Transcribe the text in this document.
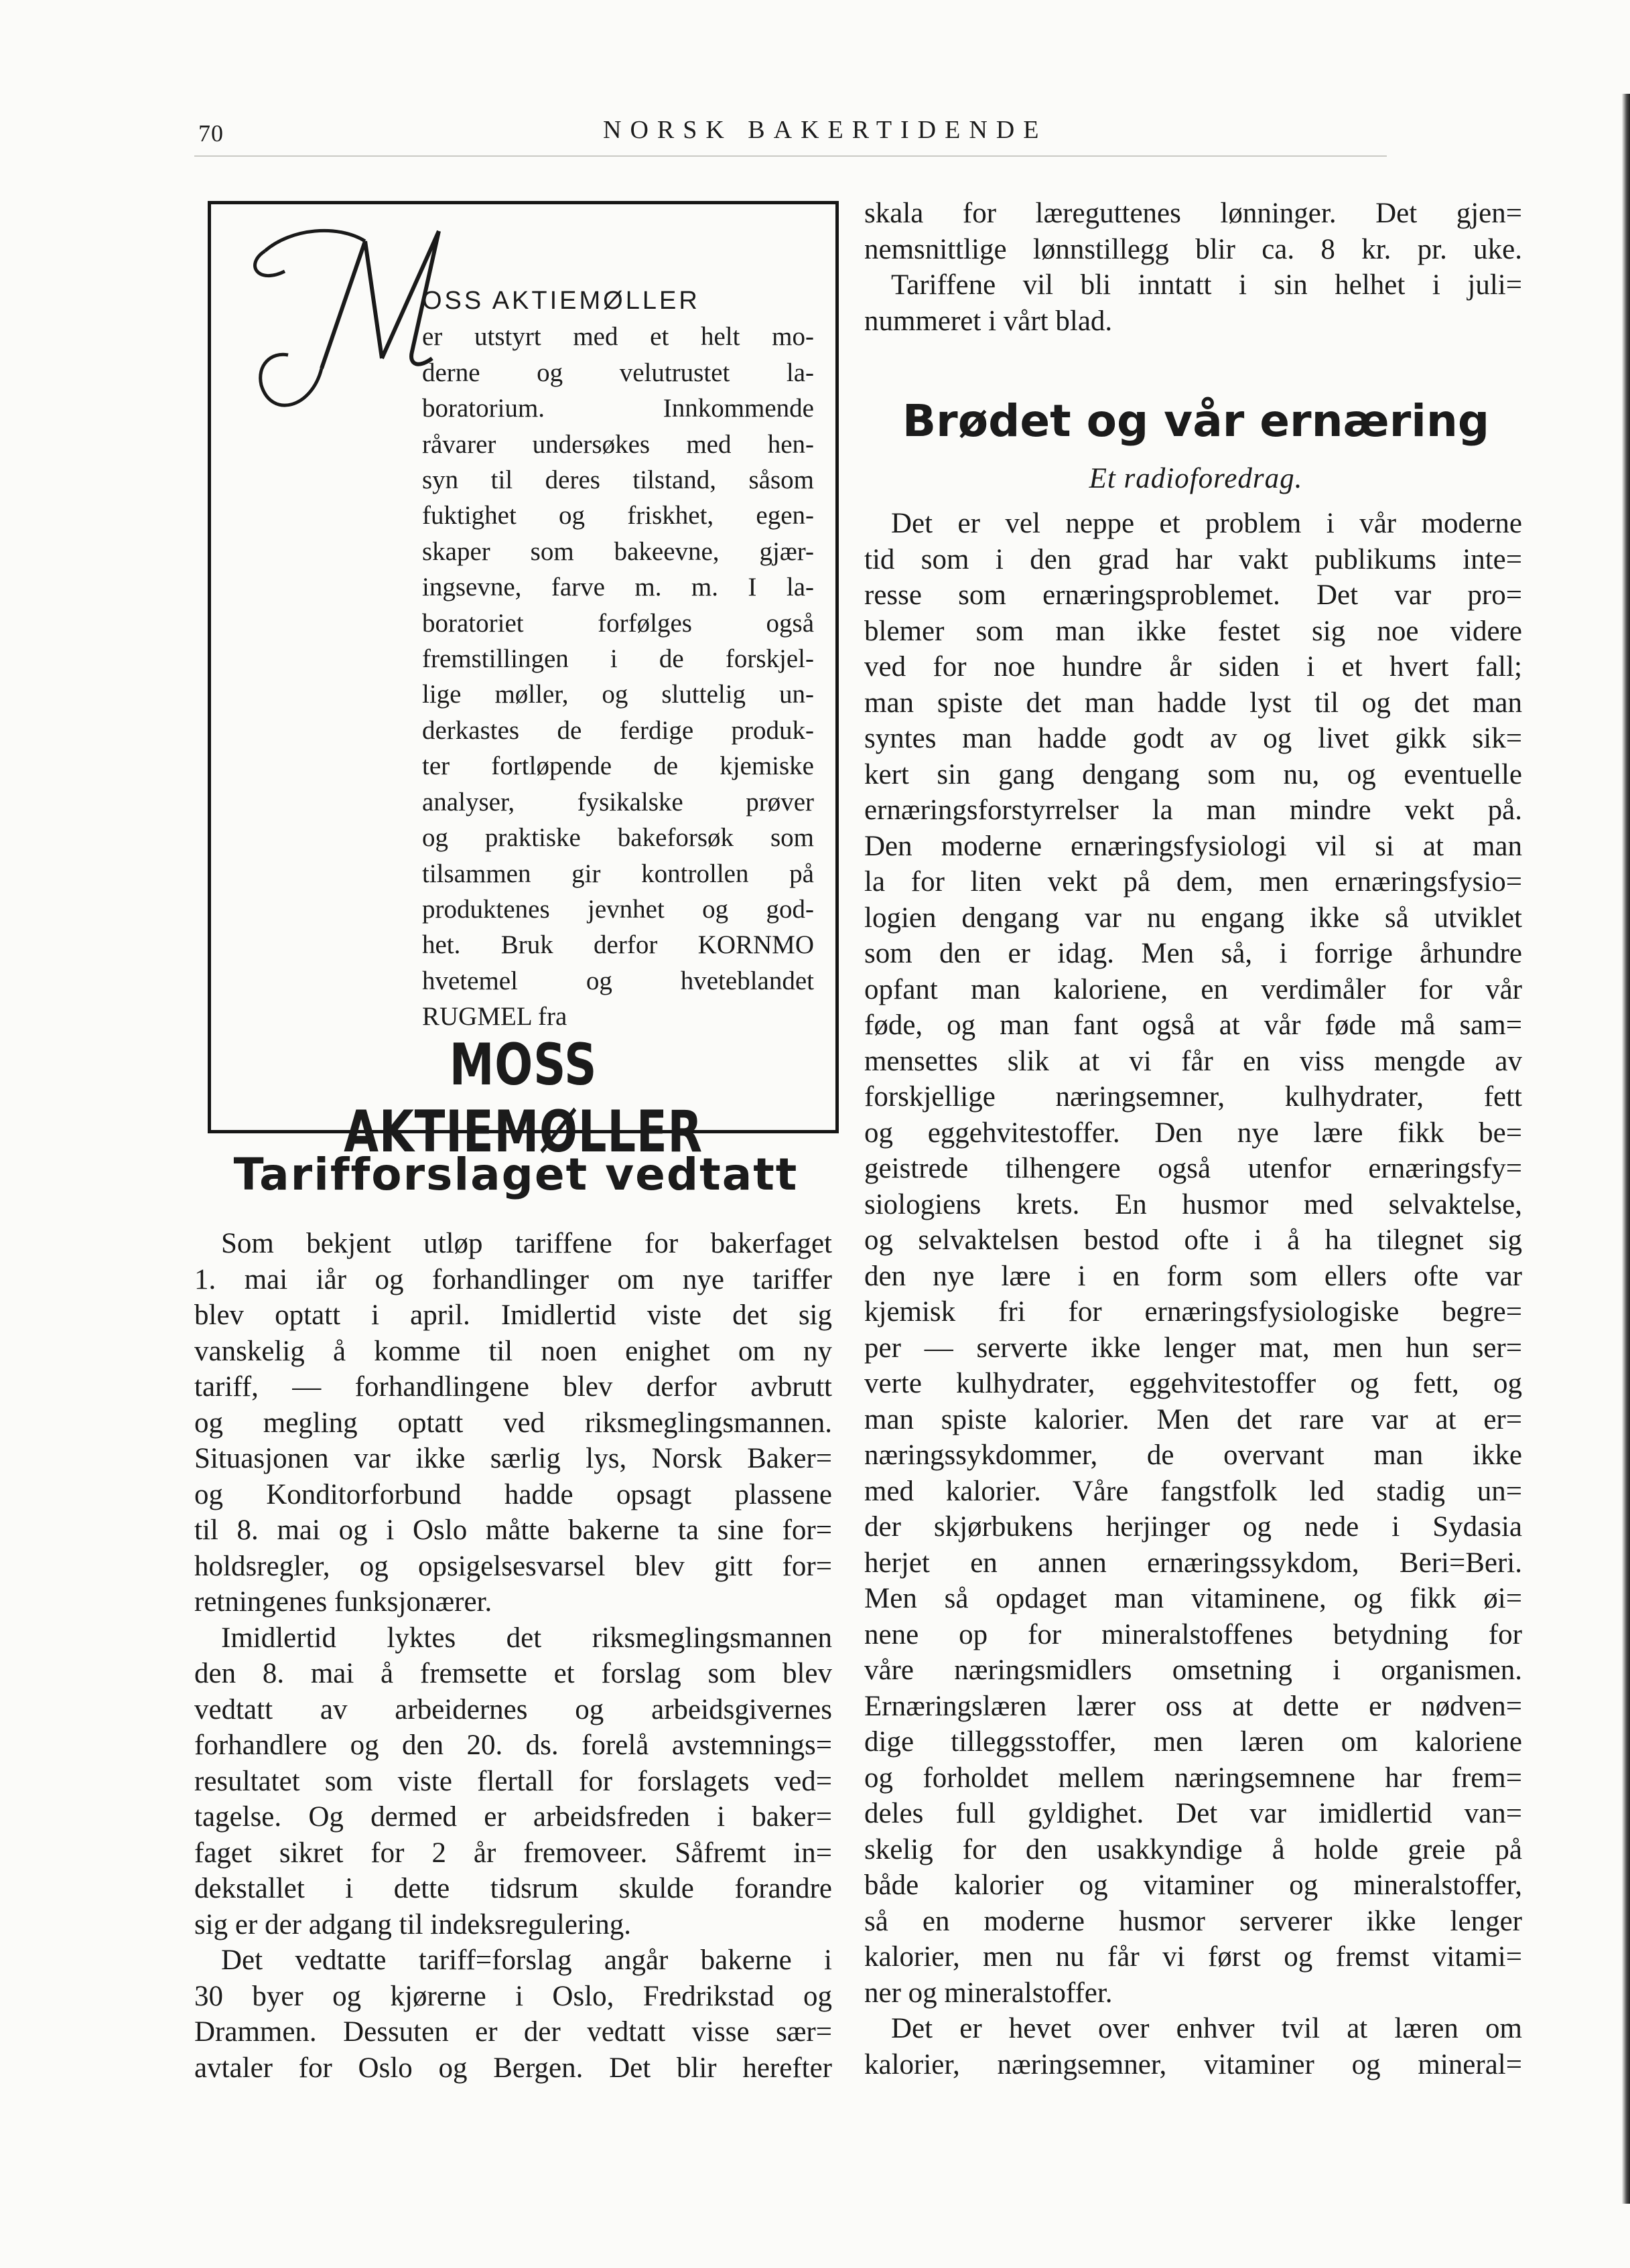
70	NORSK BAKERTIDENDE
OSS AKTIEMØLLER
er utstyrt med et helt mo-
derne og velutrustet la-
boratorium. Innkommende
råvarer undersøkes med hen-
syn til deres tilstand, såsom
fuktighet og friskhet, egen-
skaper som bakeevne, gjær-
ingsevne, farve m. m. I la-
boratoriet forfølges også
fremstillingen i de forskjel-
lige møller, og sluttelig un-
derkastes de ferdige produk-
ter fortløpende de kjemiske
analyser, fysikalske prøver
og praktiske bakeforsøk som
tilsammen gir kontrollen på
produktenes jevnhet og god-
het. Bruk derfor KORNMO
hvetemel og hveteblandet
RUGMEL fra
MOSS AKTIEMØLLER
Tarifforslaget vedtatt
Som bekjent utløp tariffene for bakerfaget
1. mai iår og forhandlinger om nye tariffer
blev optatt i april. Imidlertid viste det sig
vanskelig å komme til noen enighet om ny
tariff, — forhandlingene blev derfor avbrutt
og megling optatt ved riksmeglingsmannen.
Situasjonen var ikke særlig lys, Norsk Baker=
og Konditorforbund hadde opsagt plassene
til 8. mai og i Oslo måtte bakerne ta sine for=
holdsregler, og opsigelsesvarsel blev gitt for=
retningenes funksjonærer.
Imidlertid lyktes det riksmeglingsmannen
den 8. mai å fremsette et forslag som blev
vedtatt av arbeidernes og arbeidsgivernes
forhandlere og den 20. ds. forelå avstemnings=
resultatet som viste flertall for forslagets ved=
tagelse. Og dermed er arbeidsfreden i baker=
faget sikret for 2 år fremoveer. Såfremt in=
dekstallet i dette tidsrum skulde forandre
sig er der adgang til indeksregulering.
Det vedtatte tariff=forslag angår bakerne i
30 byer og kjørerne i Oslo, Fredrikstad og
Drammen. Dessuten er der vedtatt visse sær=
avtaler for Oslo og Bergen. Det blir herefter
skala for læreguttenes lønninger. Det gjen=
nemsnittlige lønnstillegg blir ca. 8 kr. pr. uke.
Tariffene vil bli inntatt i sin helhet i juli=
nummeret i vårt blad.
Brødet og vår ernæring
Et radioforedrag.
Det er vel neppe et problem i vår moderne
tid som i den grad har vakt publikums inte=
resse som ernæringsproblemet. Det var pro=
blemer som man ikke festet sig noe videre
ved for noe hundre år siden i et hvert fall;
man spiste det man hadde lyst til og det man
syntes man hadde godt av og livet gikk sik=
kert sin gang dengang som nu, og eventuelle
ernæringsforstyrrelser la man mindre vekt på.
Den moderne ernæringsfysiologi vil si at man
la for liten vekt på dem, men ernæringsfysio=
logien dengang var nu engang ikke så utviklet
som den er idag. Men så, i forrige århundre
opfant man kaloriene, en verdimåler for vår
føde, og man fant også at vår føde må sam=
mensettes slik at vi får en viss mengde av
forskjellige næringsemner, kulhydrater, fett
og eggehvitestoffer. Den nye lære fikk be=
geistrede tilhengere også utenfor ernæringsfy=
siologiens krets. En husmor med selvaktelse,
og selvaktelsen bestod ofte i å ha tilegnet sig
den nye lære i en form som ellers ofte var
kjemisk fri for ernæringsfysiologiske begre=
per — serverte ikke lenger mat, men hun ser=
verte kulhydrater, eggehvitestoffer og fett, og
man spiste kalorier. Men det rare var at er=
næringssykdommer, de overvant man ikke
med kalorier. Våre fangstfolk led stadig un=
der skjørbukens herjinger og nede i Sydasia
herjet en annen ernæringssykdom, Beri=Beri.
Men så opdaget man vitaminene, og fikk øi=
nene op for mineralstoffenes betydning for
våre næringsmidlers omsetning i organismen.
Ernæringslæren lærer oss at dette er nødven=
dige tilleggsstoffer, men læren om kaloriene
og forholdet mellem næringsemnene har frem=
deles full gyldighet. Det var imidlertid van=
skelig for den usakkyndige å holde greie på
både kalorier og vitaminer og mineralstoffer,
så en moderne husmor serverer ikke lenger
kalorier, men nu får vi først og fremst vitami=
ner og mineralstoffer.
Det er hevet over enhver tvil at læren om
kalorier, næringsemner, vitaminer og mineral=
